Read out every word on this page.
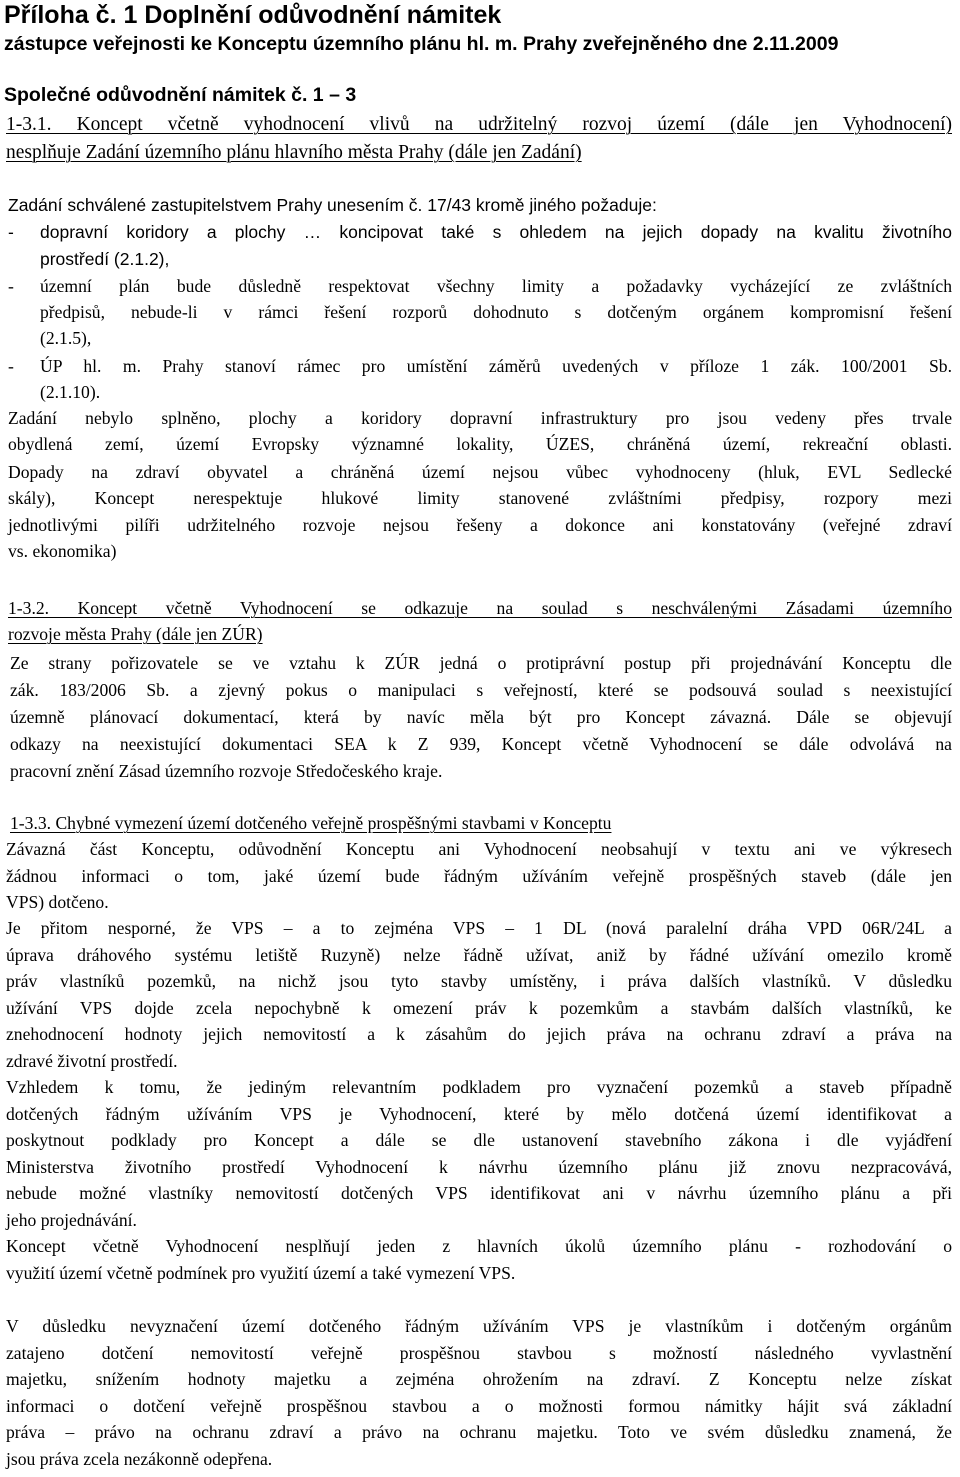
Příloha č. 1 Doplnění odůvodnění námitek
zástupce veřejnosti ke Konceptu územního plánu hl. m. Prahy zveřejněného dne 2.11.2009
Společné odůvodnění námitek č. 1 – 3
1-3.1. Koncept včetně vyhodnocení vlivů na udržitelný rozvoj území (dále jen Vyhodnocení)
nesplňuje Zadání územního plánu hlavního města Prahy (dále jen Zadání)
Zadání schválené zastupitelstvem Prahy unesením č. 17/43 kromě jiného požaduje:
- dopravní koridory a plochy … koncipovat také s ohledem na jejich dopady na kvalitu životního
prostředí (2.1.2),
- územní plán bude důsledně respektovat všechny limity a požadavky vycházející ze zvláštních
předpisů, nebude-li v rámci řešení rozporů dohodnuto s dotčeným orgánem kompromisní řešení
(2.1.5),
- ÚP hl. m. Prahy stanoví rámec pro umístění záměrů uvedených v příloze 1 zák. 100/2001 Sb.
(2.1.10).
Zadání nebylo splněno, plochy a koridory dopravní infrastruktury pro jsou vedeny přes trvale
obydlená zemí, území Evropsky významné lokality, ÚZES, chráněná území, rekreační oblasti.
Dopady na zdraví obyvatel a chráněná území nejsou vůbec vyhodnoceny (hluk, EVL Sedlecké
skály), Koncept nerespektuje hlukové limity stanovené zvláštními předpisy, rozpory mezi
jednotlivými pilíři udržitelného rozvoje nejsou řešeny a dokonce ani konstatovány (veřejné zdraví
vs. ekonomika)
1-3.2. Koncept včetně Vyhodnocení se odkazuje na soulad s neschválenými Zásadami územního
rozvoje města Prahy (dále jen ZÚR)
Ze strany pořizovatele se ve vztahu k ZÚR jedná o protiprávní postup při projednávání Konceptu dle
zák. 183/2006 Sb. a zjevný pokus o manipulaci s veřejností, které se podsouvá soulad s neexistující
územně plánovací dokumentací, která by navíc měla být pro Koncept závazná. Dále se objevují
odkazy na neexistující dokumentaci SEA k Z 939, Koncept včetně Vyhodnocení se dále odvolává na
pracovní znění Zásad územního rozvoje Středočeského kraje.
1-3.3. Chybné vymezení území dotčeného veřejně prospěšnými stavbami v Konceptu
Závazná část Konceptu, odůvodnění Konceptu ani Vyhodnocení neobsahují v textu ani ve výkresech
žádnou informaci o tom, jaké území bude řádným užíváním veřejně prospěšných staveb (dále jen
VPS) dotčeno.
Je přitom nesporné, že VPS – a to zejména VPS – 1 DL (nová paralelní dráha VPD 06R/24L a
úprava dráhového systému letiště Ruzyně) nelze řádně užívat, aniž by řádné užívání omezilo kromě
práv vlastníků pozemků, na nichž jsou tyto stavby umístěny, i práva dalších vlastníků. V důsledku
užívání VPS dojde zcela nepochybně k omezení práv k pozemkům a stavbám dalších vlastníků, ke
znehodnocení hodnoty jejich nemovitostí a k zásahům do jejich práva na ochranu zdraví a práva na
zdravé životní prostředí.
Vzhledem k tomu, že jediným relevantním podkladem pro vyznačení pozemků a staveb případně
dotčených řádným užíváním VPS je Vyhodnocení, které by mělo dotčená území identifikovat a
poskytnout podklady pro Koncept a dále se dle ustanovení stavebního zákona i dle vyjádření
Ministerstva životního prostředí Vyhodnocení k návrhu územního plánu již znovu nezpracovává,
nebude možné vlastníky nemovitostí dotčených VPS identifikovat ani v návrhu územního plánu a při
jeho projednávání.
Koncept včetně Vyhodnocení nesplňují jeden z hlavních úkolů územního plánu - rozhodování o
využití území včetně podmínek pro využití území a také vymezení VPS.
V důsledku nevyznačení území dotčeného řádným užíváním VPS je vlastníkům i dotčeným orgánům
zatajeno dotčení nemovitostí veřejně prospěšnou stavbou s možností následného vyvlastnění
majetku, snížením hodnoty majetku a zejména ohrožením na zdraví. Z Konceptu nelze získat
informaci o dotčení veřejně prospěšnou stavbou a o možnosti formou námitky hájit svá základní
práva – právo na ochranu zdraví a právo na ochranu majetku. Toto ve svém důsledku znamená, že
jsou práva zcela nezákonně odepřena.
